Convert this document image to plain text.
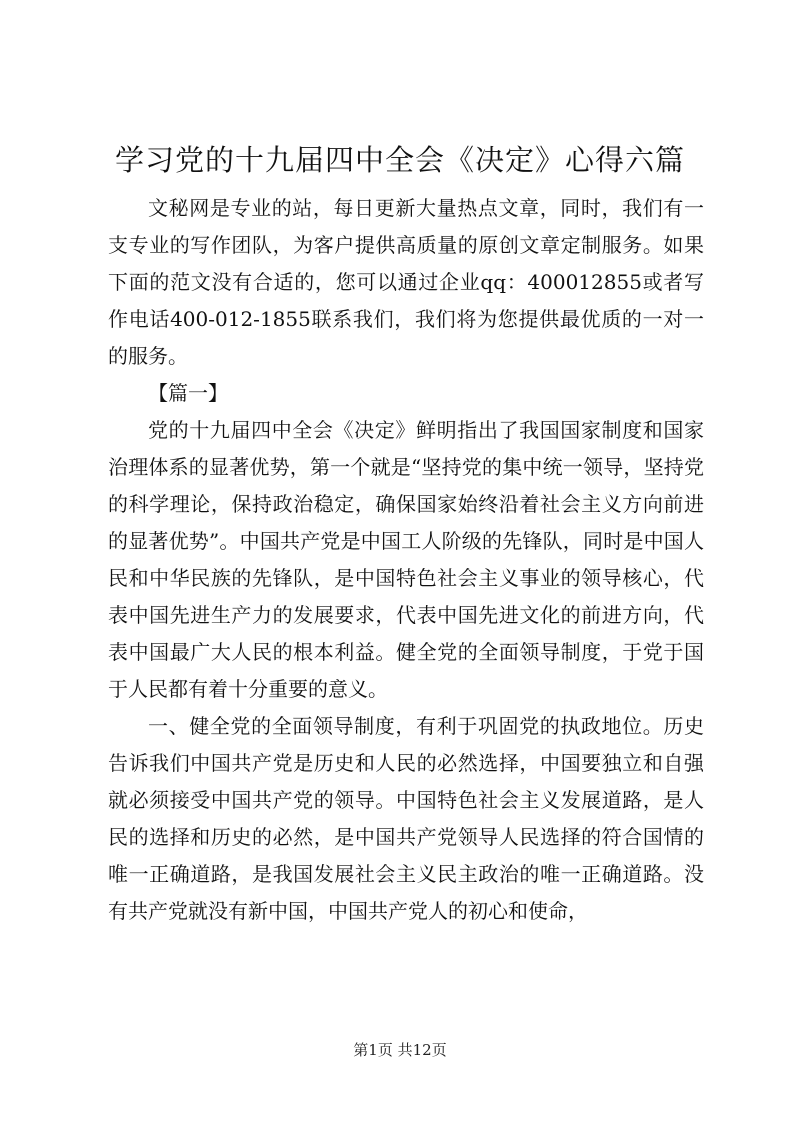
学习党的十九届四中全会《决定》心得六篇

文秘网是专业的站，每日更新大量热点文章，同时，我们有一支专业的写作团队，为客户提供高质量的原创文章定制服务。如果下面的范文没有合适的，您可以通过企业qq：400012855或者写作电话400-012-1855联系我们，我们将为您提供最优质的一对一的服务。

【篇一】

党的十九届四中全会《决定》鲜明指出了我国国家制度和国家治理体系的显著优势，第一个就是“坚持党的集中统一领导，坚持党的科学理论，保持政治稳定，确保国家始终沿着社会主义方向前进的显著优势”。中国共产党是中国工人阶级的先锋队，同时是中国人民和中华民族的先锋队，是中国特色社会主义事业的领导核心，代表中国先进生产力的发展要求，代表中国先进文化的前进方向，代表中国最广大人民的根本利益。健全党的全面领导制度，于党于国于人民都有着十分重要的意义。

一、健全党的全面领导制度，有利于巩固党的执政地位。历史告诉我们中国共产党是历史和人民的必然选择，中国要独立和自强就必须接受中国共产党的领导。中国特色社会主义发展道路，是人民的选择和历史的必然，是中国共产党领导人民选择的符合国情的唯一正确道路，是我国发展社会主义民主政治的唯一正确道路。没有共产党就没有新中国，中国共产党人的初心和使命，

第1页 共12页
